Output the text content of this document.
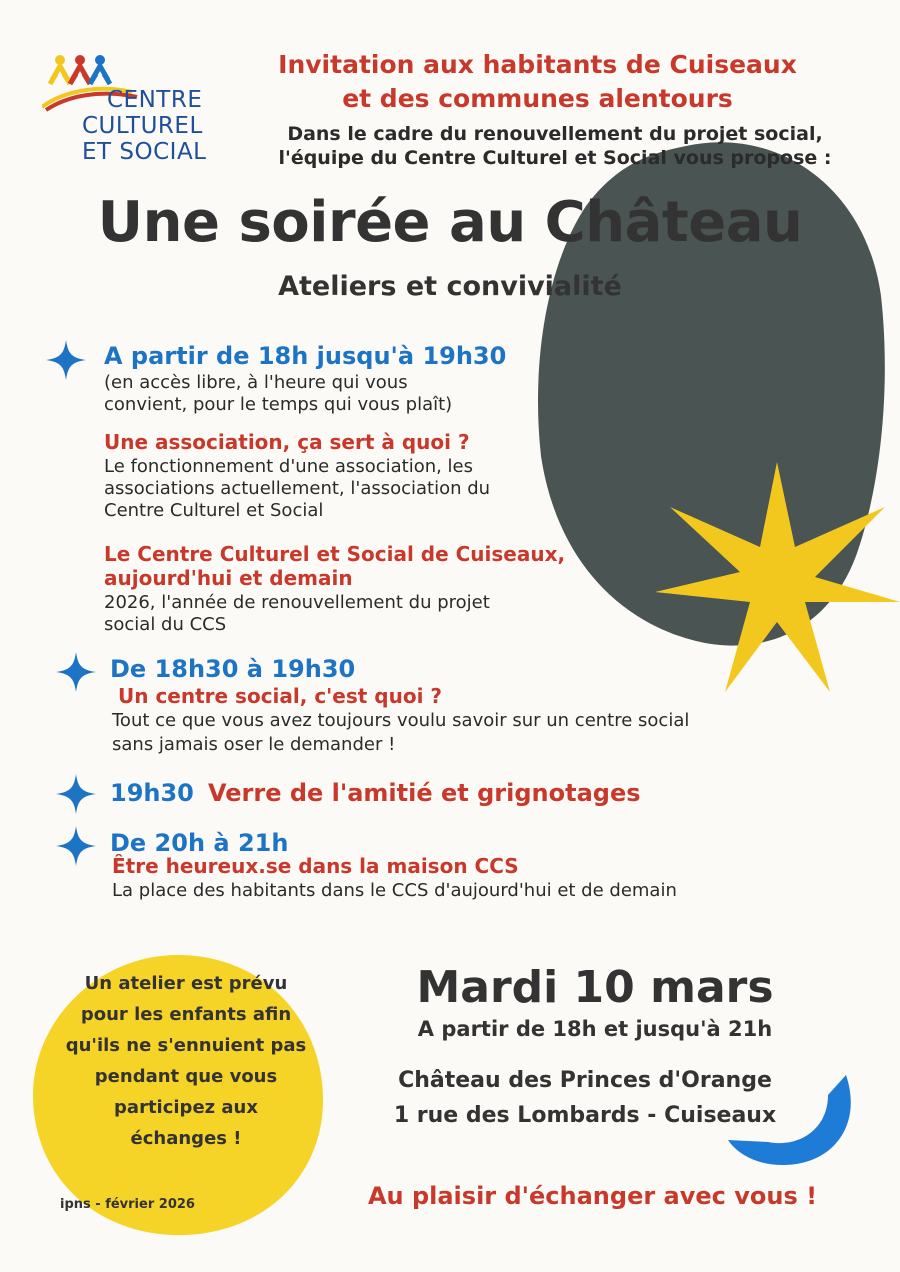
CENTRE
CULTUREL
ET SOCIAL
Invitation aux habitants de Cuiseaux
et des communes alentours
Dans le cadre du renouvellement du projet social,
l'équipe du Centre Culturel et Social vous propose :
Une soirée au Château
Ateliers et convivialité
A partir de 18h jusqu'à 19h30
(en accès libre, à l'heure qui vous
convient, pour le temps qui vous plaît)
Une association, ça sert à quoi ?
Le fonctionnement d'une association, les
associations actuellement, l'association du
Centre Culturel et Social
Le Centre Culturel et Social de Cuiseaux,
aujourd'hui et demain
2026, l'année de renouvellement du projet
social du CCS
De 18h30 à 19h30
Un centre social, c'est quoi ?
Tout ce que vous avez toujours voulu savoir sur un centre social
sans jamais oser le demander !
19h30 Verre de l'amitié et grignotages
De 20h à 21h
Être heureux.se dans la maison CCS
La place des habitants dans le CCS d'aujourd'hui et de demain
Un atelier est prévu
pour les enfants afin
qu'ils ne s'ennuient pas
pendant que vous
participez aux
échanges !
Mardi 10 mars
A partir de 18h et jusqu'à 21h
Château des Princes d'Orange
1 rue des Lombards - Cuiseaux
Au plaisir d'échanger avec vous !
ipns - février 2026
